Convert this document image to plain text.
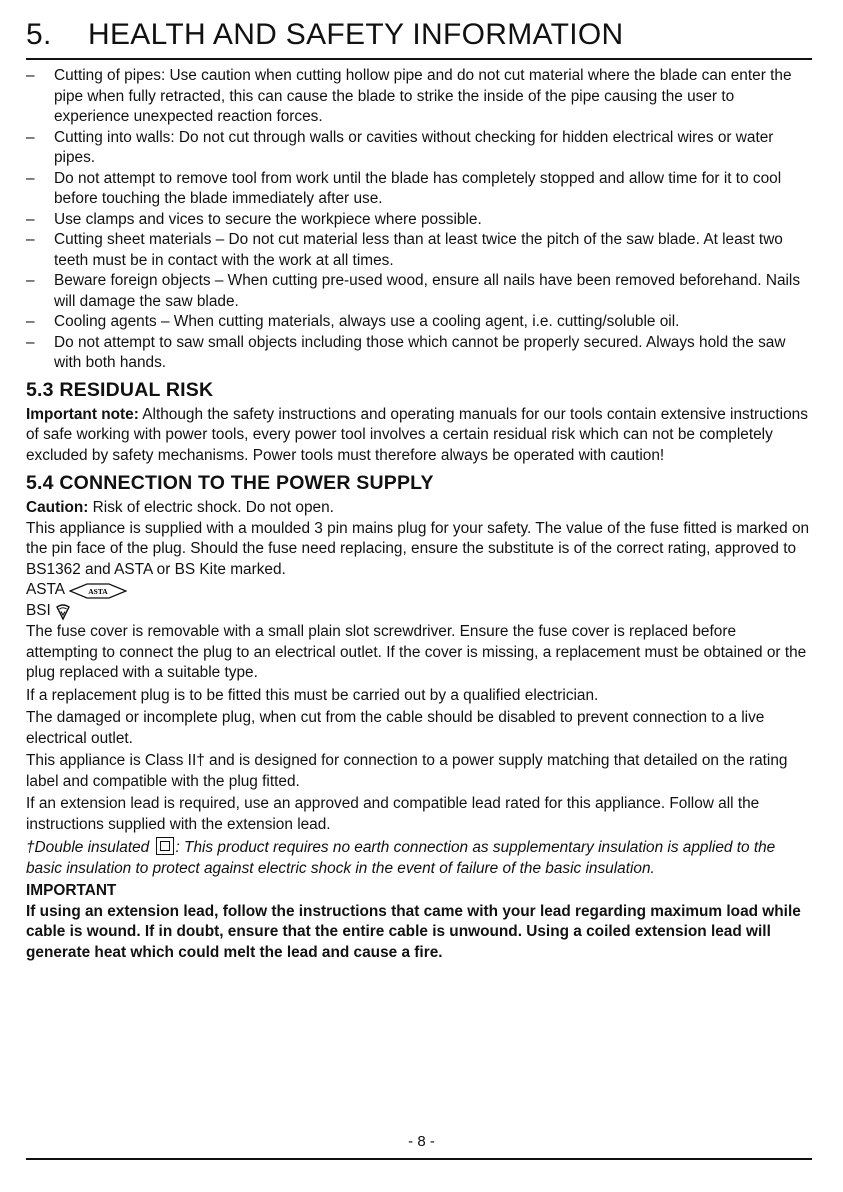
5. HEALTH AND SAFETY INFORMATION
– Cutting of pipes: Use caution when cutting hollow pipe and do not cut material where the blade can enter the pipe when fully retracted, this can cause the blade to strike the inside of the pipe causing the user to experience unexpected reaction forces.
– Cutting into walls: Do not cut through walls or cavities without checking for hidden electrical wires or water pipes.
– Do not attempt to remove tool from work until the blade has completely stopped and allow time for it to cool before touching the blade immediately after use.
– Use clamps and vices to secure the workpiece where possible.
– Cutting sheet materials – Do not cut material less than at least twice the pitch of the saw blade. At least two teeth must be in contact with the work at all times.
– Beware foreign objects – When cutting pre-used wood, ensure all nails have been removed beforehand. Nails will damage the saw blade.
– Cooling agents – When cutting materials, always use a cooling agent, i.e. cutting/soluble oil.
– Do not attempt to saw small objects including those which cannot be properly secured. Always hold the saw with both hands.
5.3 RESIDUAL RISK

Important note: Although the safety instructions and operating manuals for our tools contain extensive instructions of safe working with power tools, every power tool involves a certain residual risk which can not be completely excluded by safety mechanisms. Power tools must therefore always be operated with caution!

5.4 CONNECTION TO THE POWER SUPPLY

Caution: Risk of electric shock. Do not open.

This appliance is supplied with a moulded 3 pin mains plug for your safety. The value of the fuse fitted is marked on the pin face of the plug. Should the fuse need replacing, ensure the substitute is of the correct rating, approved to BS1362 and ASTA or BS Kite marked.

ASTA	ASTA
BSI

The fuse cover is removable with a small plain slot screwdriver. Ensure the fuse cover is replaced before attempting to connect the plug to an electrical outlet. If the cover is missing, a replacement must be obtained or the plug replaced with a suitable type.

If a replacement plug is to be fitted this must be carried out by a qualified electrician.

The damaged or incomplete plug, when cut from the cable should be disabled to prevent connection to a live electrical outlet.

This appliance is Class II† and is designed for connection to a power supply matching that detailed on the rating label and compatible with the plug fitted.

If an extension lead is required, use an approved and compatible lead rated for this appliance. Follow all the instructions supplied with the extension lead.

†Double insulated : This product requires no earth connection as supplementary insulation is applied to the basic insulation to protect against electric shock in the event of failure of the basic insulation.

IMPORTANT

If using an extension lead, follow the instructions that came with your lead regarding maximum load while cable is wound. If in doubt, ensure that the entire cable is unwound. Using a coiled extension lead will generate heat which could melt the lead and cause a fire.

- 8 -
